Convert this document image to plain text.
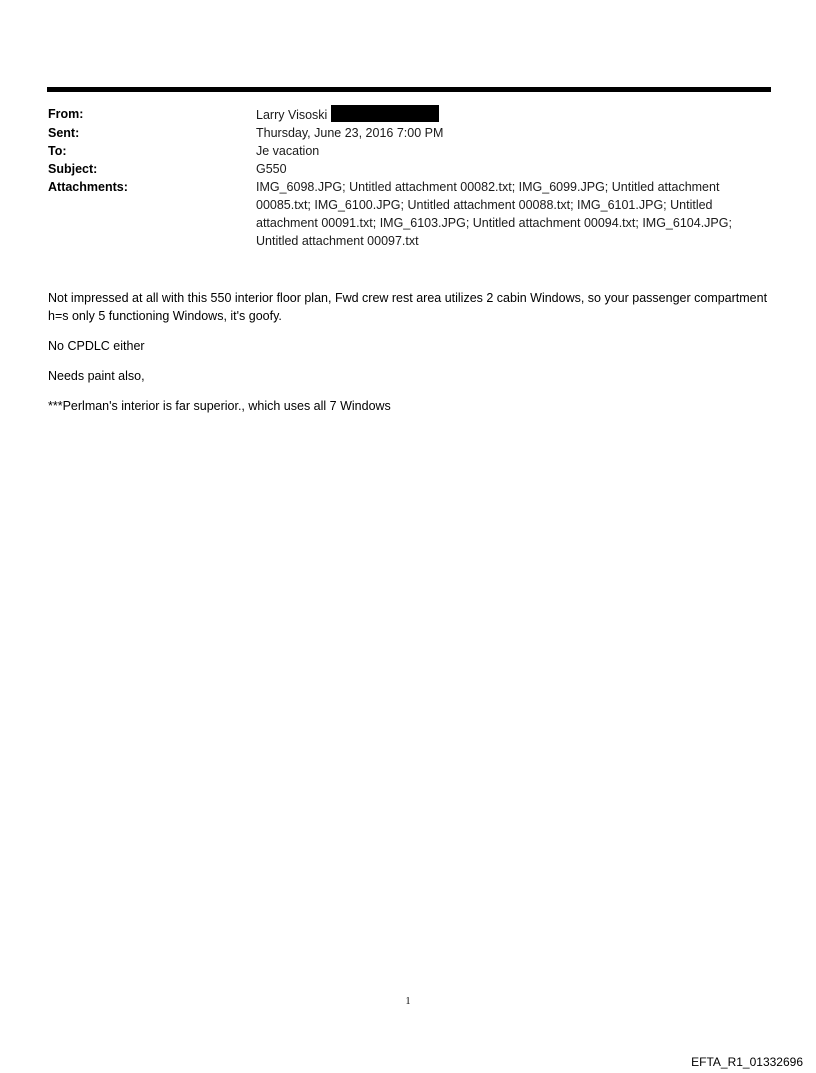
From:	Larry Visoski
Sent:	Thursday, June 23, 2016 7:00 PM
To:	Je vacation
Subject:	G550
Attachments:	IMG_6098.JPG; Untitled attachment 00082.txt; IMG_6099.JPG; Untitled attachment 00085.txt; IMG_6100.JPG; Untitled attachment 00088.txt; IMG_6101.JPG; Untitled attachment 00091.txt; IMG_6103.JPG; Untitled attachment 00094.txt; IMG_6104.JPG; Untitled attachment 00097.txt

Not impressed at all with this 550 interior floor plan, Fwd crew rest area utilizes 2 cabin Windows, so your passenger compartment h=s only 5 functioning Windows, it's goofy.

No CPDLC either

Needs paint also,

***Perlman's interior is far superior., which uses all 7 Windows

1
EFTA_R1_01332696
